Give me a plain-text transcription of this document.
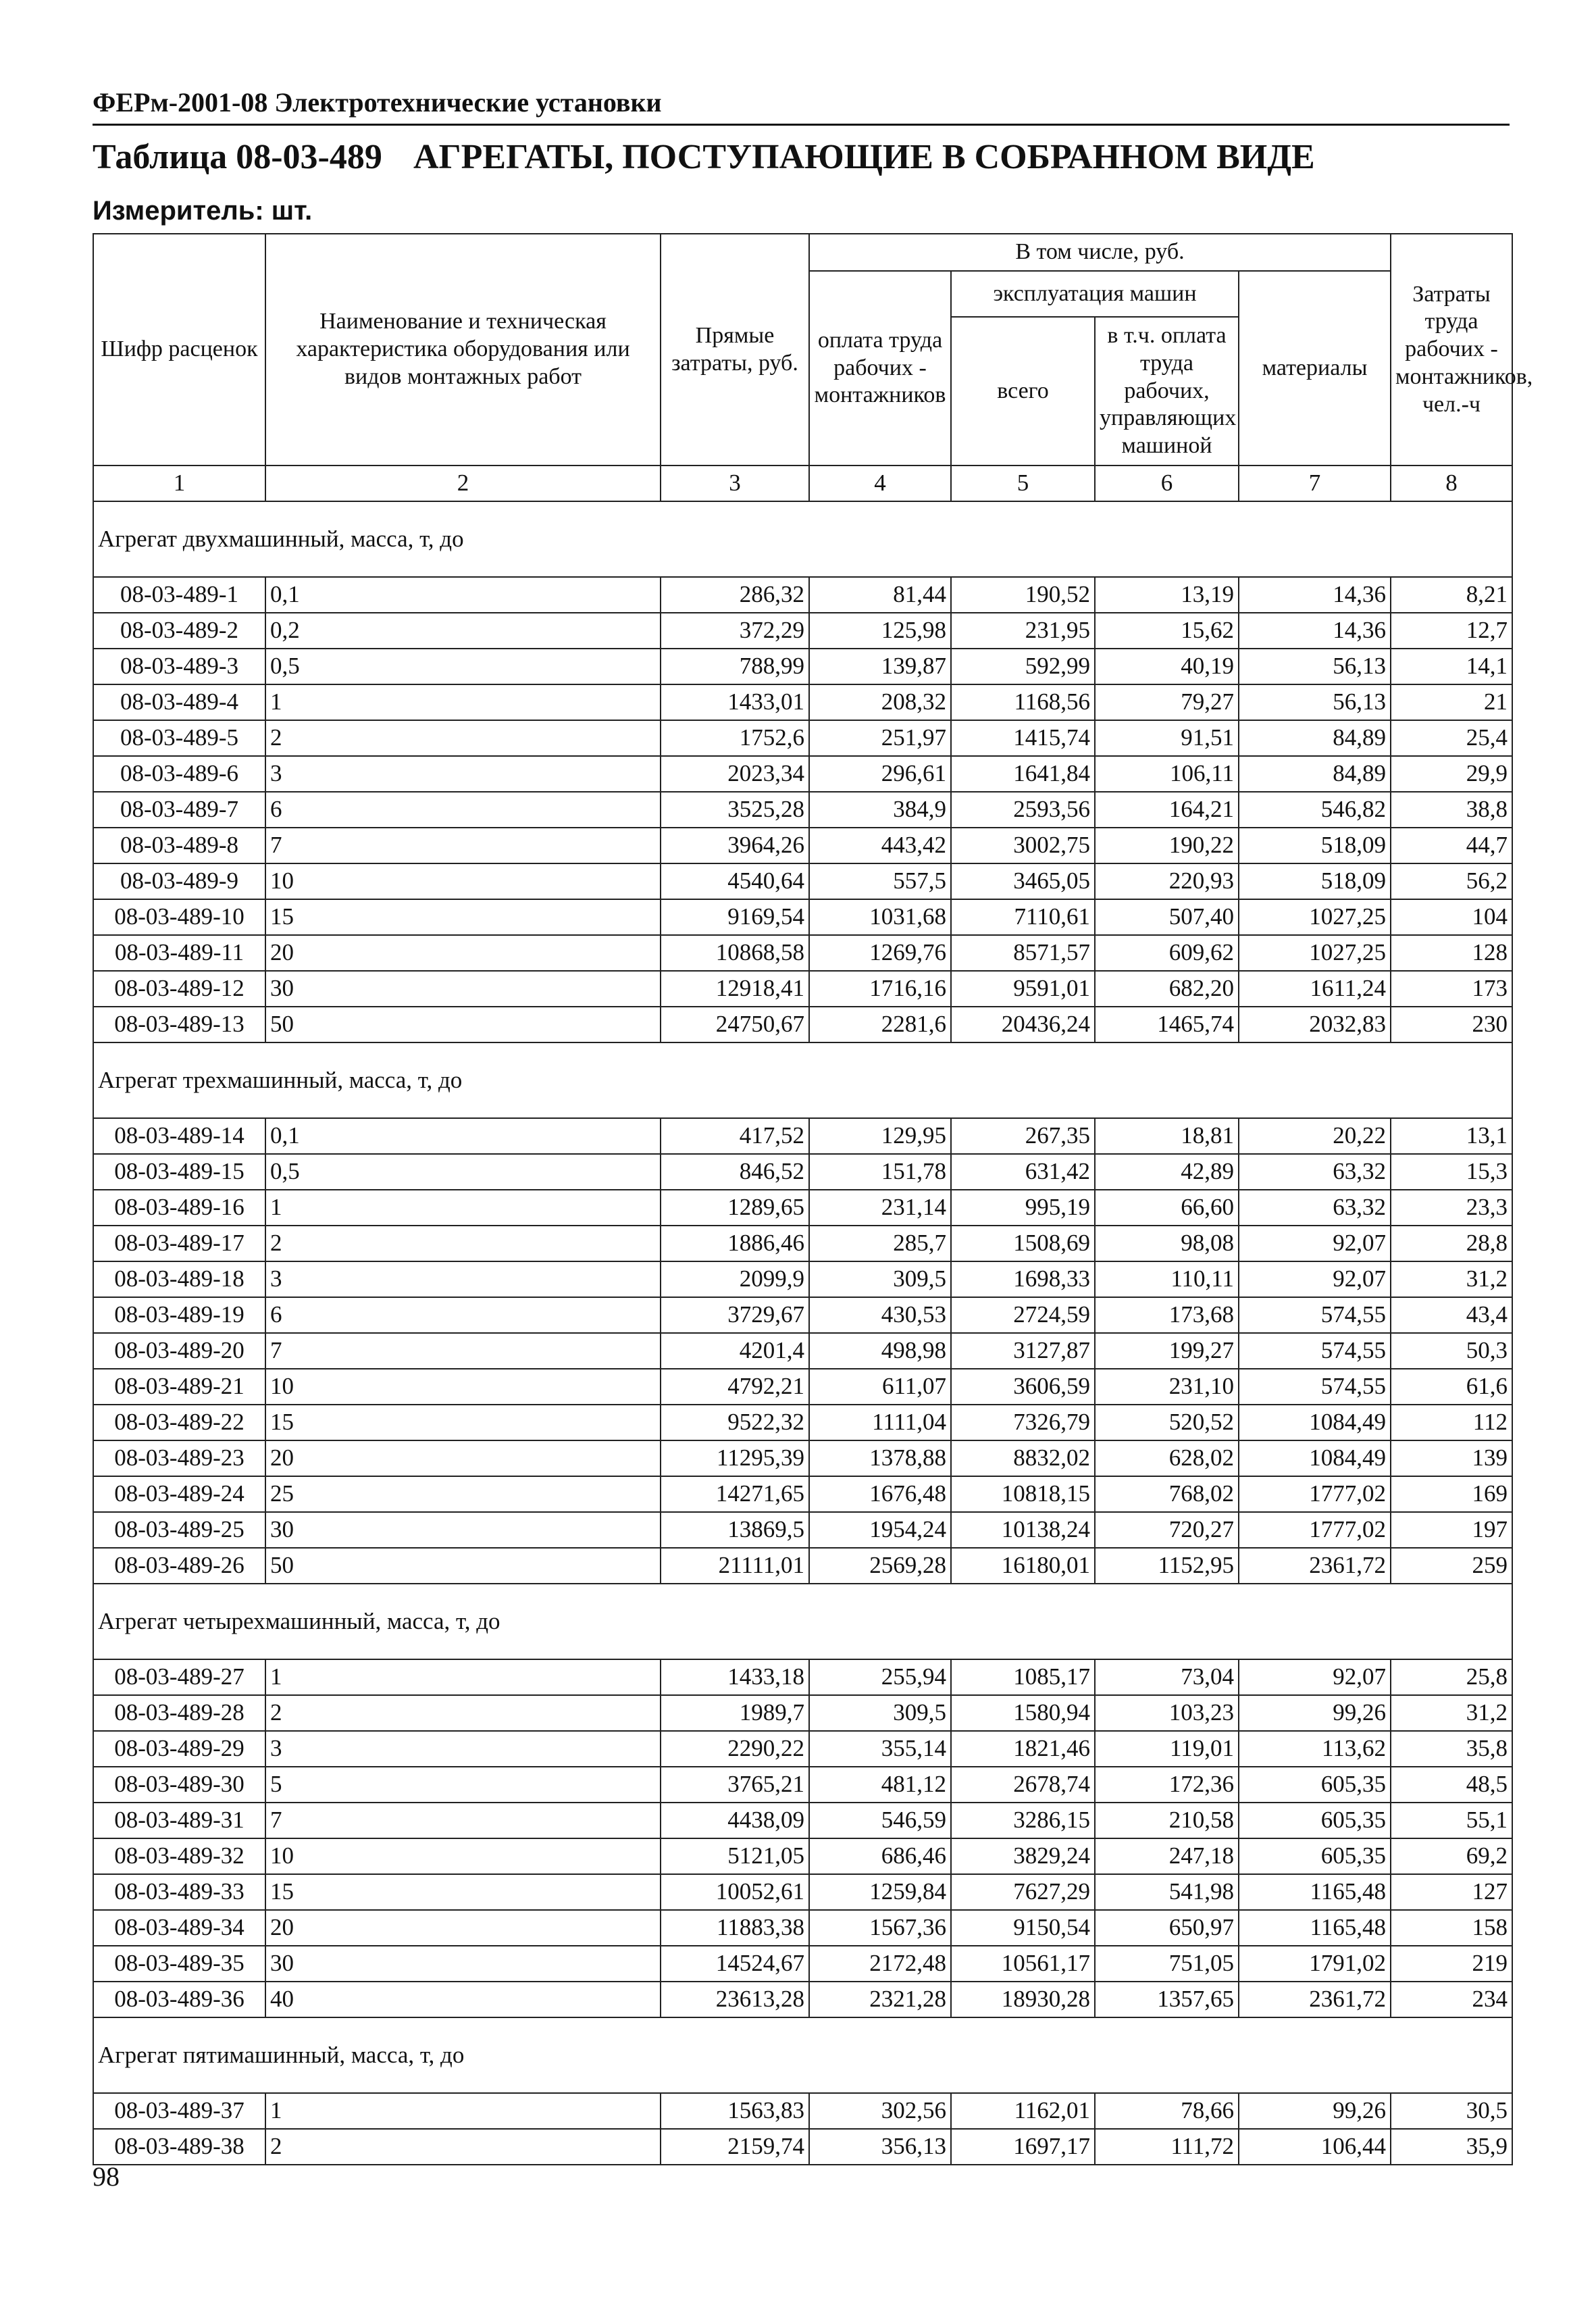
ФЕРм-2001-08 Электротехнические установки
Таблица 08-03-489 АГРЕГАТЫ, ПОСТУПАЮЩИЕ В СОБРАННОМ ВИДЕ
Измеритель: шт.
Шифр расценок	Наименование и техническая характеристика оборудования или видов монтажных работ	Прямые затраты, руб.	В том числе, руб.				Затраты труда рабочих - монтажников, чел.-ч
			оплата труда рабочих - монтажников	эксплуатация машин		материалы	
				всего	в т.ч. оплата труда рабочих, управляющих машиной		
1	2	3	4	5	6	7	8

Агрегат двухмашинный, масса, т, до							

08-03-489-1	0,1	286,32	81,44	190,52	13,19	14,36	8,21
08-03-489-2	0,2	372,29	125,98	231,95	15,62	14,36	12,7
08-03-489-3	0,5	788,99	139,87	592,99	40,19	56,13	14,1
08-03-489-4	1	1433,01	208,32	1168,56	79,27	56,13	21
08-03-489-5	2	1752,6	251,97	1415,74	91,51	84,89	25,4
08-03-489-6	3	2023,34	296,61	1641,84	106,11	84,89	29,9
08-03-489-7	6	3525,28	384,9	2593,56	164,21	546,82	38,8
08-03-489-8	7	3964,26	443,42	3002,75	190,22	518,09	44,7
08-03-489-9	10	4540,64	557,5	3465,05	220,93	518,09	56,2
08-03-489-10	15	9169,54	1031,68	7110,61	507,40	1027,25	104
08-03-489-11	20	10868,58	1269,76	8571,57	609,62	1027,25	128
08-03-489-12	30	12918,41	1716,16	9591,01	682,20	1611,24	173
08-03-489-13	50	24750,67	2281,6	20436,24	1465,74	2032,83	230

Агрегат трехмашинный, масса, т, до							

08-03-489-14	0,1	417,52	129,95	267,35	18,81	20,22	13,1
08-03-489-15	0,5	846,52	151,78	631,42	42,89	63,32	15,3
08-03-489-16	1	1289,65	231,14	995,19	66,60	63,32	23,3
08-03-489-17	2	1886,46	285,7	1508,69	98,08	92,07	28,8
08-03-489-18	3	2099,9	309,5	1698,33	110,11	92,07	31,2
08-03-489-19	6	3729,67	430,53	2724,59	173,68	574,55	43,4
08-03-489-20	7	4201,4	498,98	3127,87	199,27	574,55	50,3
08-03-489-21	10	4792,21	611,07	3606,59	231,10	574,55	61,6
08-03-489-22	15	9522,32	1111,04	7326,79	520,52	1084,49	112
08-03-489-23	20	11295,39	1378,88	8832,02	628,02	1084,49	139
08-03-489-24	25	14271,65	1676,48	10818,15	768,02	1777,02	169
08-03-489-25	30	13869,5	1954,24	10138,24	720,27	1777,02	197
08-03-489-26	50	21111,01	2569,28	16180,01	1152,95	2361,72	259

Агрегат четырехмашинный, масса, т, до							

08-03-489-27	1	1433,18	255,94	1085,17	73,04	92,07	25,8
08-03-489-28	2	1989,7	309,5	1580,94	103,23	99,26	31,2
08-03-489-29	3	2290,22	355,14	1821,46	119,01	113,62	35,8
08-03-489-30	5	3765,21	481,12	2678,74	172,36	605,35	48,5
08-03-489-31	7	4438,09	546,59	3286,15	210,58	605,35	55,1
08-03-489-32	10	5121,05	686,46	3829,24	247,18	605,35	69,2
08-03-489-33	15	10052,61	1259,84	7627,29	541,98	1165,48	127
08-03-489-34	20	11883,38	1567,36	9150,54	650,97	1165,48	158
08-03-489-35	30	14524,67	2172,48	10561,17	751,05	1791,02	219
08-03-489-36	40	23613,28	2321,28	18930,28	1357,65	2361,72	234

Агрегат пятимашинный, масса, т, до							

08-03-489-37	1	1563,83	302,56	1162,01	78,66	99,26	30,5
08-03-489-38	2	2159,74	356,13	1697,17	111,72	106,44	35,9
98
